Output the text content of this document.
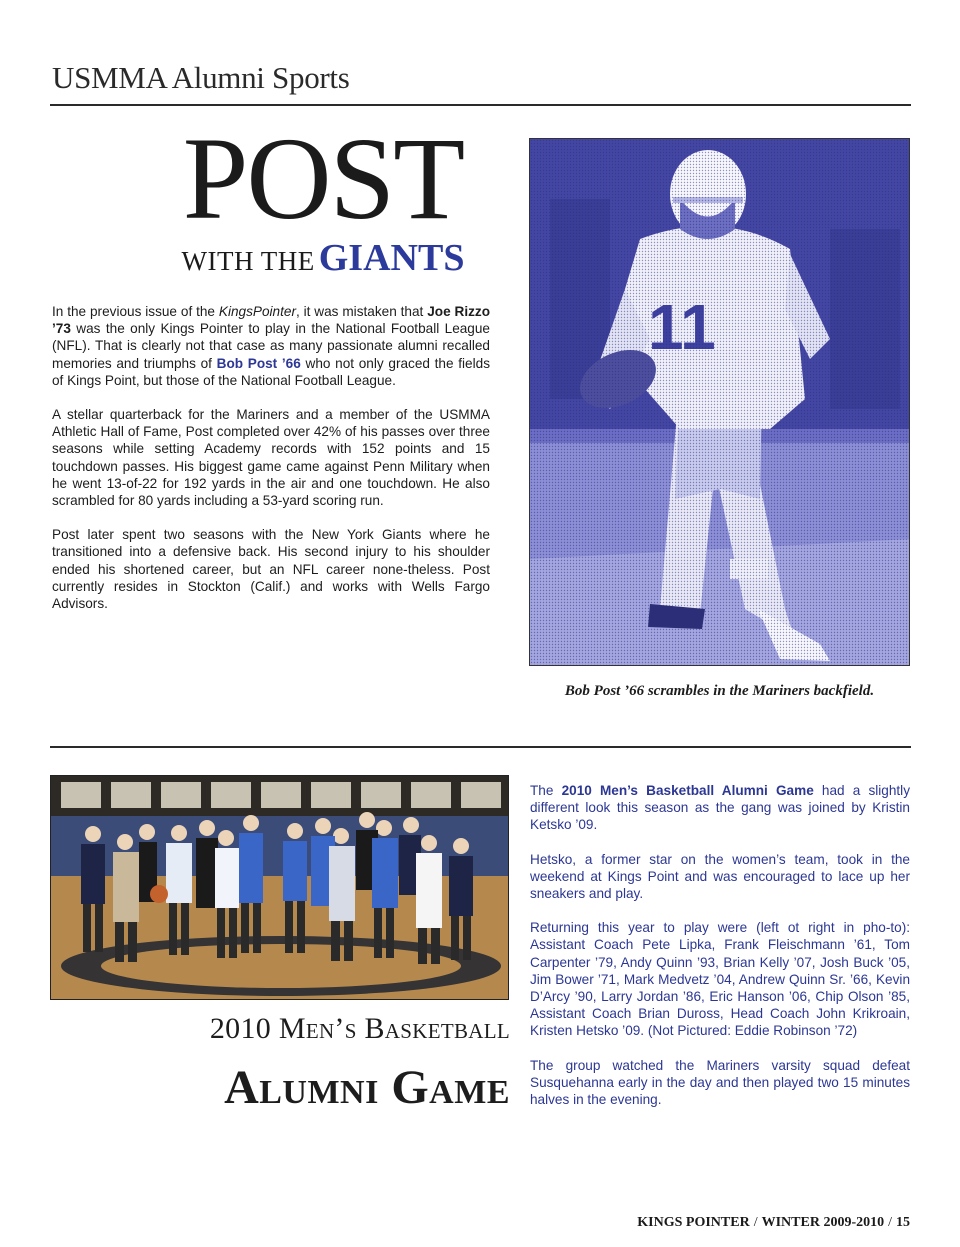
USMMA Alumni Sports
POST
WITH THE GIANTS

In the previous issue of the KingsPointer, it was mistaken that Joe Rizzo ’73 was the only Kings Pointer to play in the National Football League (NFL). That is clearly not that case as many passionate alumni recalled memories and triumphs of Bob Post ’66 who not only graced the fields of Kings Point, but those of the National Football League.

A stellar quarterback for the Mariners and a member of the USMMA Athletic Hall of Fame, Post completed over 42% of his passes over three seasons while setting Academy records with 152 points and 15 touchdown passes. His biggest game came against Penn Military when he went 13-of-22 for 192 yards in the air and one touchdown. He also scrambled for 80 yards including a 53-yard scoring run.

Post later spent two seasons with the New York Giants where he transitioned into a defensive back. His second injury to his shoulder ended his shortened career, but an NFL career none-theless. Post currently resides in Stockton (Calif.) and works with Wells Fargo Advisors.

Bob Post ’66 scrambles in the Mariners backfield.

The 2010 Men’s Basketball Alumni Game had a slightly different look this season as the gang was joined by Kristin Ketsko ’09.

Hetsko, a former star on the women’s team, took in the weekend at Kings Point and was encouraged to lace up her sneakers and play.

Returning this year to play were (left ot right in pho-to): Assistant Coach Pete Lipka, Frank Fleischmann ’61, Tom Carpenter ’79, Andy Quinn ’93, Brian Kelly ’07, Josh Buck ’05, Jim Bower ’71, Mark Medvetz ’04, Andrew Quinn Sr. ’66, Kevin D’Arcy ’90, Larry Jordan ’86, Eric Hanson ’06, Chip Olson ’85, Assistant Coach Brian Duross, Head Coach John Krikroain, Kristen Hetsko ’09. (Not Pictured: Eddie Robinson ’72)

The group watched the Mariners varsity squad defeat Susquehanna early in the day and then played two 15 minutes halves in the evening.

2010 Men’s Basketball
Alumni Game

KINGS POINTER / WINTER 2009-2010 / 15
